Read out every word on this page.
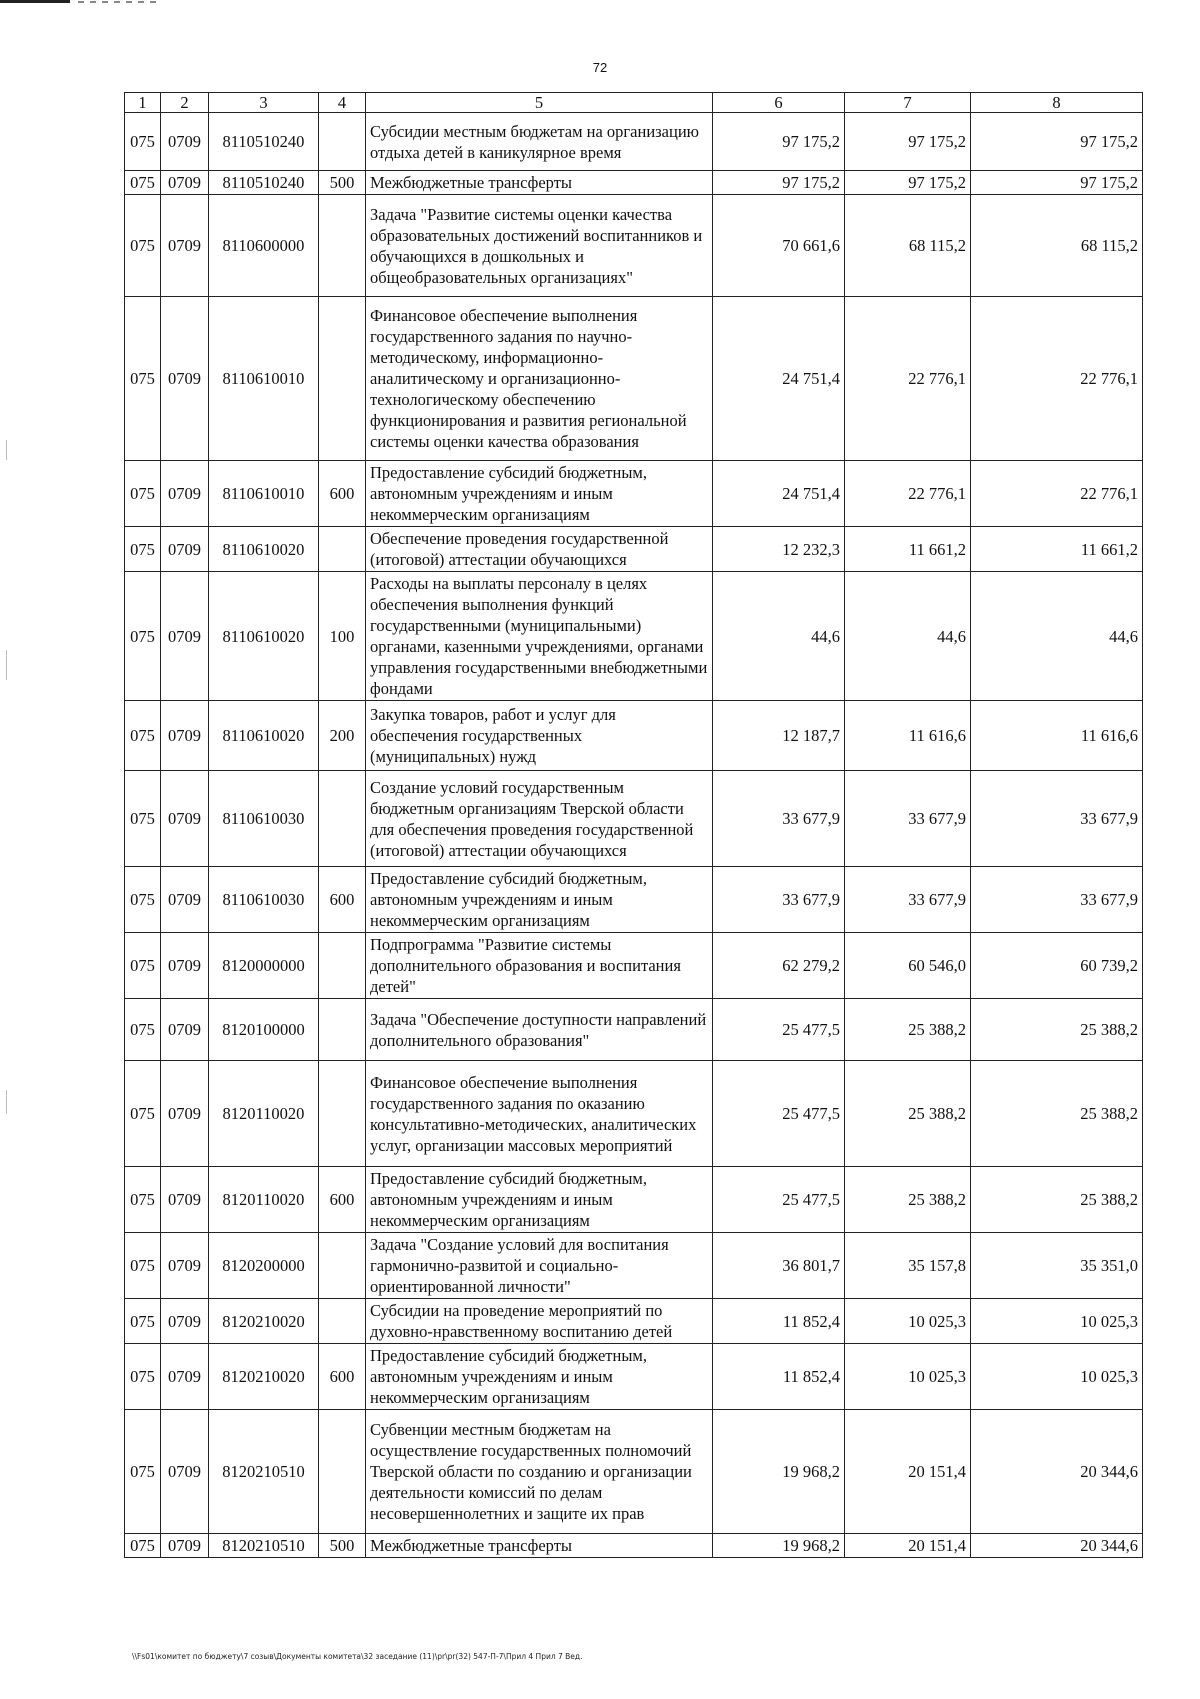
72
1	2	3	4	5	6	7	8
075	0709	8110510240		Субсидии местным бюджетам на организацию отдыха детей в каникулярное время	97 175,2	97 175,2	97 175,2
075	0709	8110510240	500	Межбюджетные трансферты	97 175,2	97 175,2	97 175,2
075	0709	8110600000		Задача "Развитие системы оценки качества образовательных достижений воспитанников и обучающихся в дошкольных и общеобразовательных организациях"	70 661,6	68 115,2	68 115,2
075	0709	8110610010		Финансовое обеспечение выполнения государственного задания по научно-методическому, информационно-аналитическому и организационно-технологическому обеспечению функционирования и развития региональной системы оценки качества образования	24 751,4	22 776,1	22 776,1
075	0709	8110610010	600	Предоставление субсидий бюджетным, автономным учреждениям и иным некоммерческим организациям	24 751,4	22 776,1	22 776,1
075	0709	8110610020		Обеспечение проведения государственной (итоговой) аттестации обучающихся	12 232,3	11 661,2	11 661,2
075	0709	8110610020	100	Расходы на выплаты персоналу в целях обеспечения выполнения функций государственными (муниципальными) органами, казенными учреждениями, органами управления государственными внебюджетными фондами	44,6	44,6	44,6
075	0709	8110610020	200	Закупка товаров, работ и услуг для обеспечения государственных (муниципальных) нужд	12 187,7	11 616,6	11 616,6
075	0709	8110610030		Создание условий государственным бюджетным организациям Тверской области для обеспечения проведения государственной (итоговой) аттестации обучающихся	33 677,9	33 677,9	33 677,9
075	0709	8110610030	600	Предоставление субсидий бюджетным, автономным учреждениям и иным некоммерческим организациям	33 677,9	33 677,9	33 677,9
075	0709	8120000000		Подпрограмма "Развитие системы дополнительного образования и воспитания детей"	62 279,2	60 546,0	60 739,2
075	0709	8120100000		Задача "Обеспечение доступности направлений дополнительного образования"	25 477,5	25 388,2	25 388,2
075	0709	8120110020		Финансовое обеспечение выполнения государственного задания по оказанию консультативно-методических, аналитических услуг, организации массовых мероприятий	25 477,5	25 388,2	25 388,2
075	0709	8120110020	600	Предоставление субсидий бюджетным, автономным учреждениям и иным некоммерческим организациям	25 477,5	25 388,2	25 388,2
075	0709	8120200000		Задача "Создание условий для воспитания гармонично-развитой и социально-ориентированной личности"	36 801,7	35 157,8	35 351,0
075	0709	8120210020		Субсидии на проведение мероприятий по духовно-нравственному воспитанию детей	11 852,4	10 025,3	10 025,3
075	0709	8120210020	600	Предоставление субсидий бюджетным, автономным учреждениям и иным некоммерческим организациям	11 852,4	10 025,3	10 025,3
075	0709	8120210510		Субвенции местным бюджетам на осуществление государственных полномочий Тверской области по созданию и организации деятельности комиссий по делам несовершеннолетних и защите их прав	19 968,2	20 151,4	20 344,6
075	0709	8120210510	500	Межбюджетные трансферты	19 968,2	20 151,4	20 344,6
\\Fs01\комитет по бюджету\7 созыв\Документы комитета\32 заседание (11)\pr\pr(32) 547-П-7\Прил 4 Прил 7 Вед.
